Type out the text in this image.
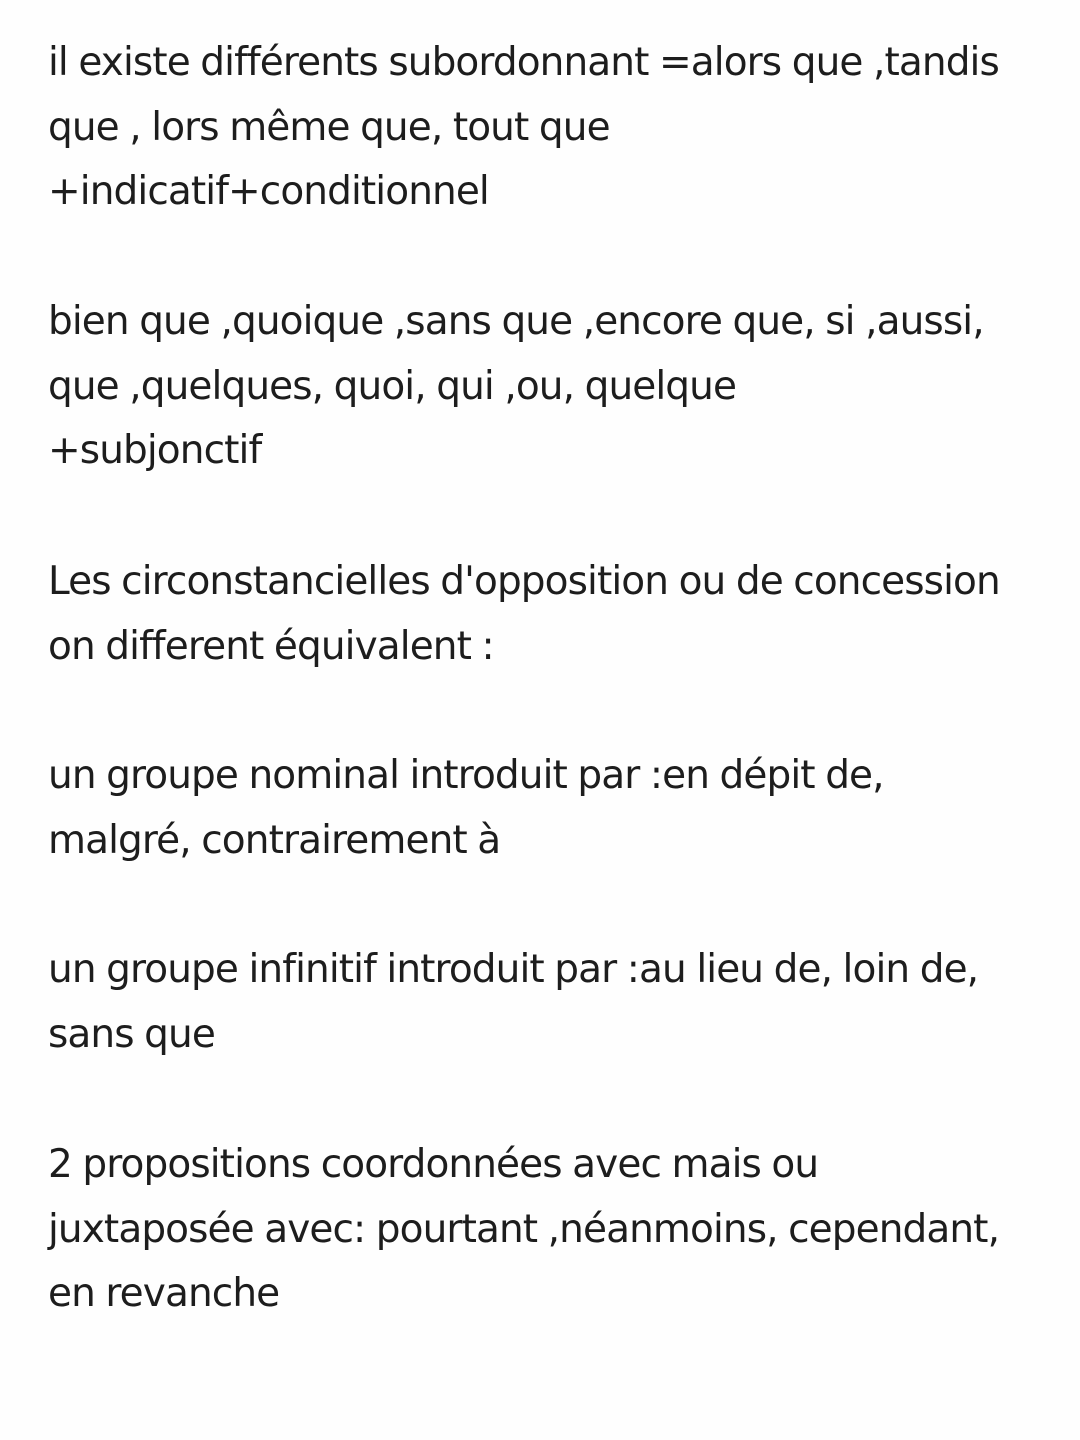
il existe différents subordonnant =alors que ,tandis
que , lors même que, tout que
+indicatif+conditionnel

bien que ,quoique ,sans que ,encore que, si ,aussi,
que ,quelques, quoi, qui ,ou, quelque
+subjonctif

Les circonstancielles d'opposition ou de concession
on different équivalent :

un groupe nominal introduit par :en dépit de,
malgré, contrairement à

un groupe infinitif introduit par :au lieu de, loin de,
sans que

2 propositions coordonnées avec mais ou
juxtaposée avec: pourtant ,néanmoins, cependant,
en revanche
